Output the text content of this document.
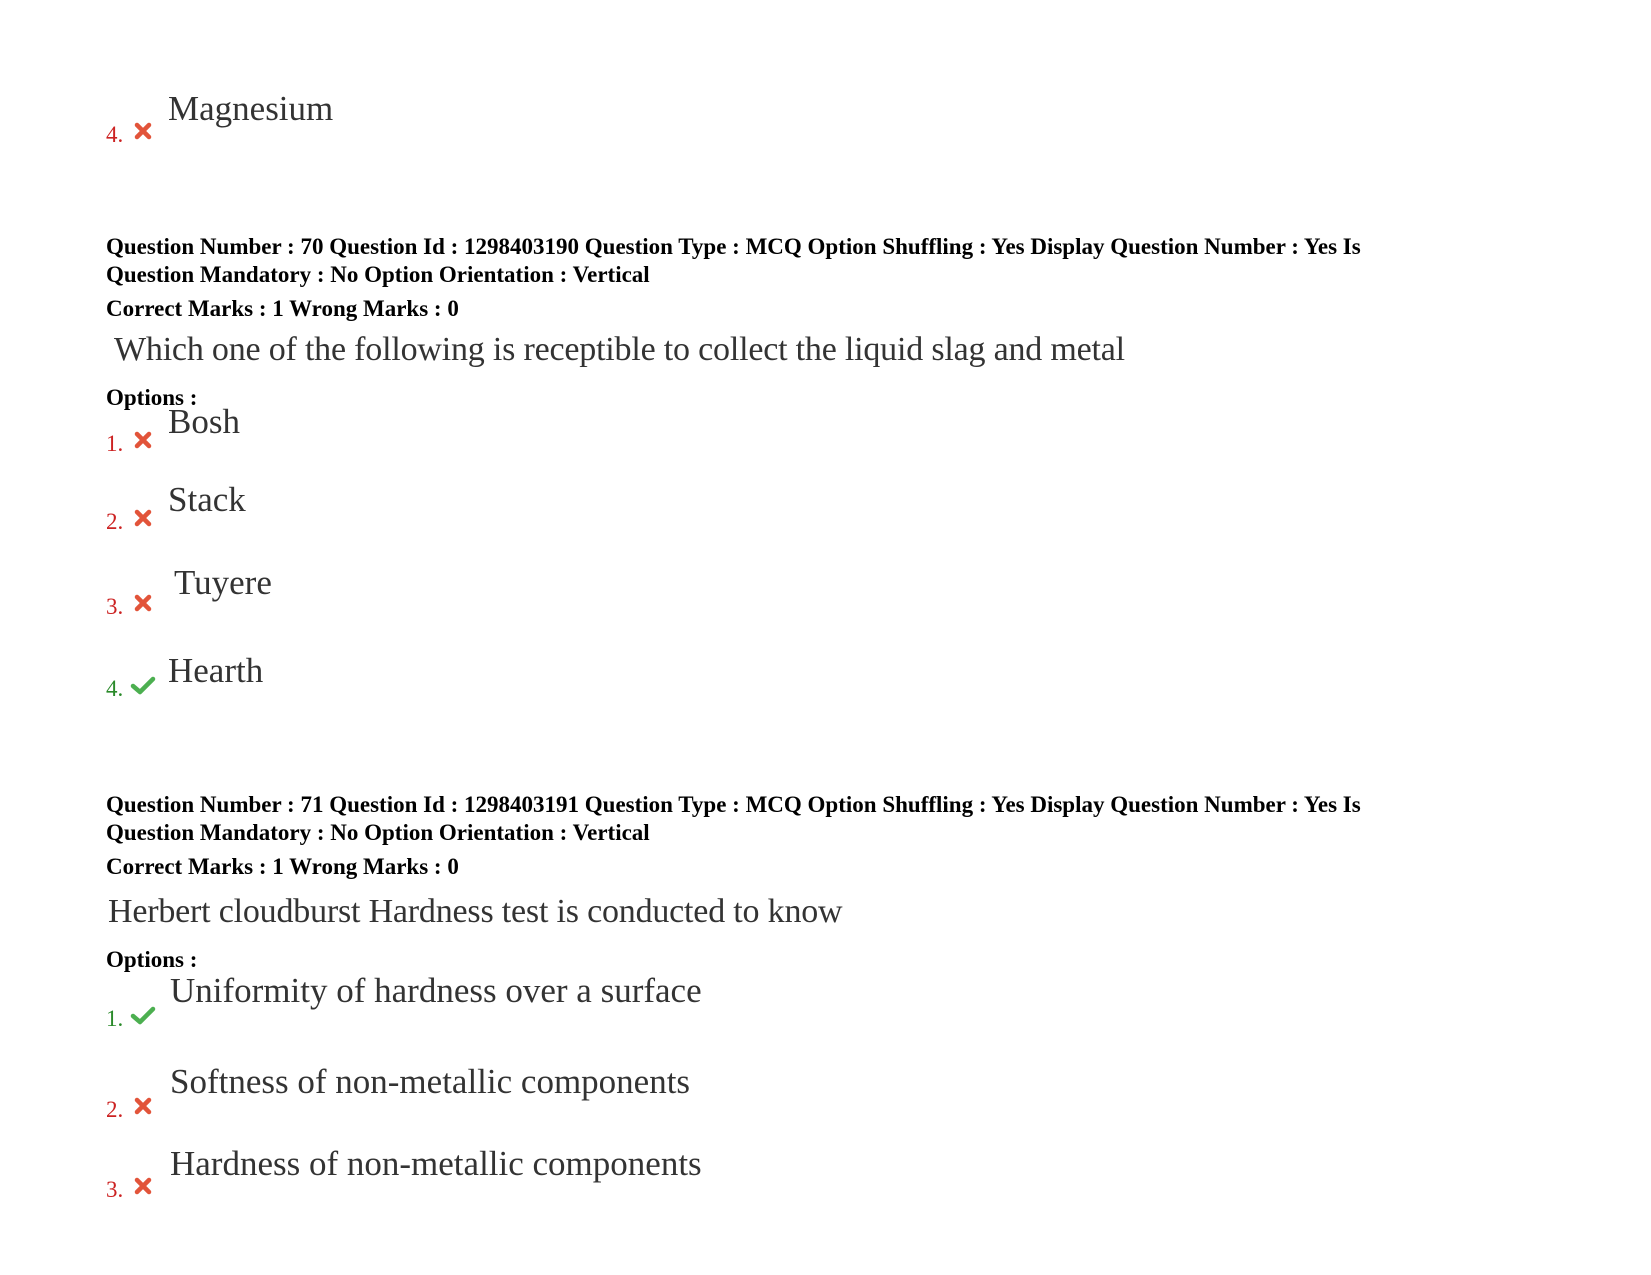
4.
Magnesium
Question Number : 70 Question Id : 1298403190 Question Type : MCQ Option Shuffling : Yes Display Question Number : Yes Is
Question Mandatory : No Option Orientation : Vertical
Correct Marks : 1 Wrong Marks : 0
Which one of the following is receptible to collect the liquid slag and metal
Options :
1.
Bosh
2.
Stack
3.
Tuyere
4. Hearth
Question Number : 71 Question Id : 1298403191 Question Type : MCQ Option Shuffling : Yes Display Question Number : Yes Is
Question Mandatory : No Option Orientation : Vertical
Correct Marks : 1 Wrong Marks : 0
Herbert cloudburst Hardness test is conducted to know
Options :
1.
Uniformity of hardness over a surface
2.
Softness of non-metallic components
3.
Hardness of non-metallic components
